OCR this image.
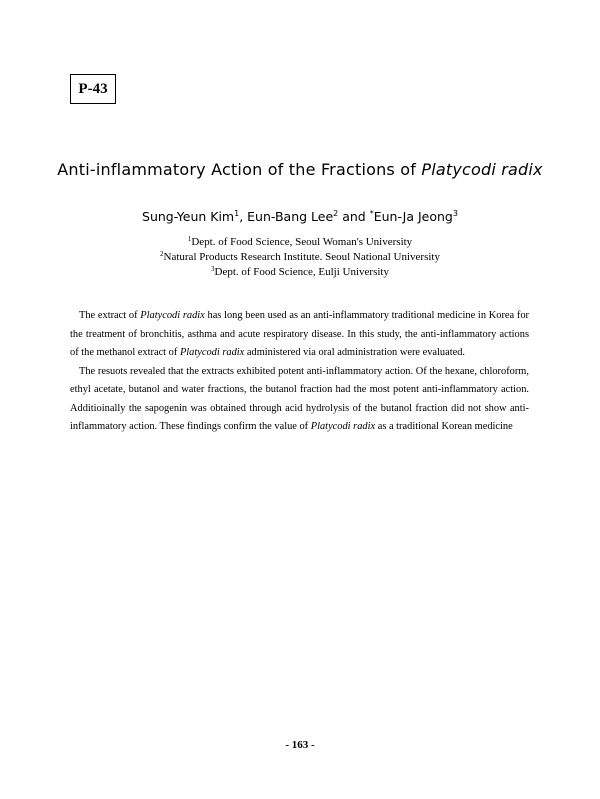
P-43
Anti-inflammatory Action of the Fractions of Platycodi radix
Sung-Yeun Kim$^1$, Eun-Bang Lee$^2$ and *Eun-Ja Jeong$^3$
$^1$Dept. of Food Science, Seoul Woman's University
$^2$Natural Products Research Institute. Seoul National University
$^3$Dept. of Food Science, Eulji University

The extract of Platycodi radix has long been used as an anti-inflammatory traditional medicine in Korea for the treatment of bronchitis, asthma and acute respiratory disease. In this study, the anti-inflammatory actions of the methanol extract of Platycodi radix administered via oral administration were evaluated.

The resuots revealed that the extracts exhibited potent anti-inflammatory action. Of the hexane, chloroform, ethyl acetate, butanol and water fractions, the butanol fraction had the most potent anti-inflammatory action. Additioinally the sapogenin was obtained through acid hydrolysis of the butanol fraction did not show anti-inflammatory action. These findings confirm the value of Platycodi radix as a traditional Korean medicine

- 163 -
